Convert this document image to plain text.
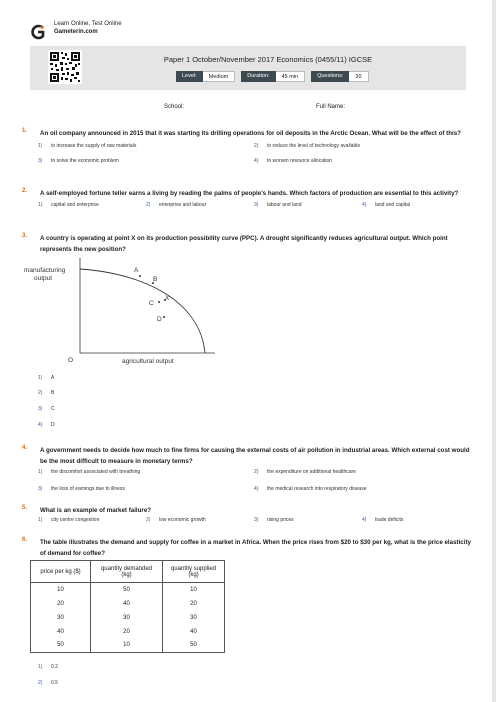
Learn Online, Test Online
Gameterin.com
Paper 1 October/November 2017 Economics (0455/11) IGCSE
Level:	Medium	Duration:	45 min	Questions:	30
School:	Full Name:
1. An oil company announced in 2015 that it was starting its drilling operations for oil deposits in the Arctic Ocean. What will be the effect of this?
1) to increase the supply of raw materials	2) to reduce the level of technology available
3) to solve the economic problem	4) to worsen resource allocation
2. A self-employed fortune teller earns a living by reading the palms of people's hands. Which factors of production are essential to this activity?
1) capital and enterprise	2) enterprise and labour	3) labour and land	4) land and capital
3. A country is operating at point X on its production possibility curve (PPC). A drought significantly reduces agricultural output. Which point represents the new position?
manufacturing
output
O	agricultural output
A
B
C
X
D
1) A
2) B
3) C
4) D
4. A government needs to decide how much to fine firms for causing the external costs of air pollution in industrial areas. Which external cost would be the most difficult to measure in monetary terms?
1) the discomfort associated with breathing	2) the expenditure on additional healthcare
3) the loss of earnings due to illness	4) the medical research into respiratory disease
5. What is an example of market failure?
1) city centre congestion	2) low economic growth	3) rising prices	4) trade deficits
6. The table illustrates the demand and supply for coffee in a market in Africa. When the price rises from $20 to $30 per kg, what is the price elasticity of demand for coffee?
price per kg ($)	quantity demanded (kg)	quantity supplied (kg)
10	50	10
20	40	20
30	30	30
40	20	40
50	10	50
1) 0.2
2) 0.5
